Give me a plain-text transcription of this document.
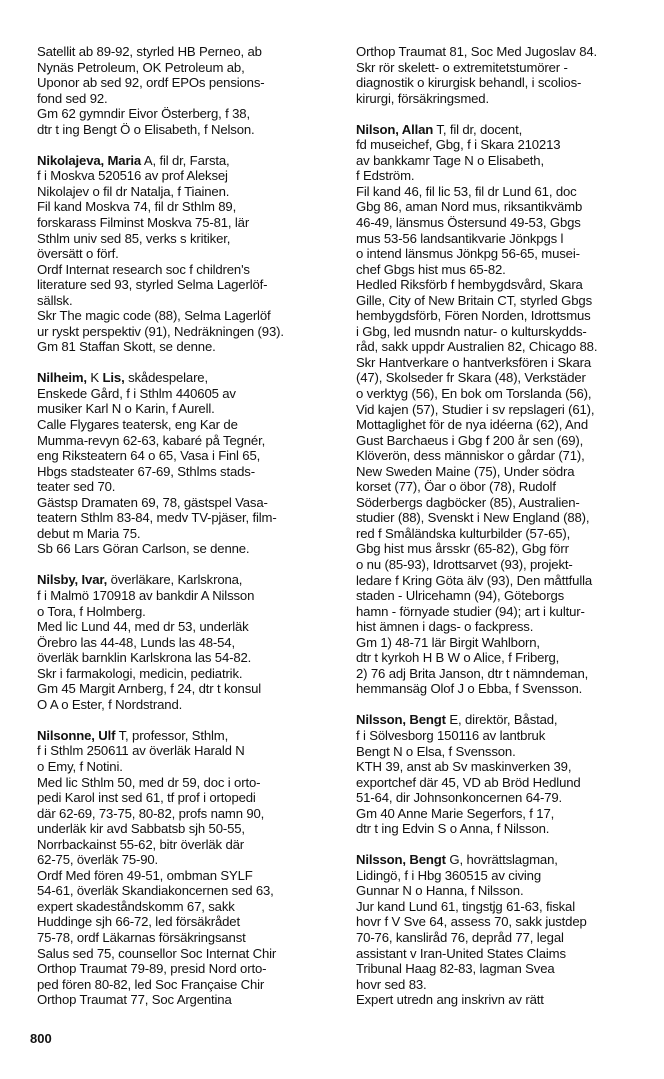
Satellit ab 89-92, styrled HB Perneo, ab
Nynäs Petroleum, OK Petroleum ab,
Uponor ab sed 92, ordf EPOs pensions-
fond sed 92.
Gm 62 gymndir Eivor Österberg, f 38,
dtr t ing Bengt Ö o Elisabeth, f Nelson.
Nikolajeva, Maria A, fil dr, Farsta,
f i Moskva 520516 av prof Aleksej
Nikolajev o fil dr Natalja, f Tiainen.
Fil kand Moskva 74, fil dr Sthlm 89,
forskarass Filminst Moskva 75-81, lär
Sthlm univ sed 85, verks s kritiker,
översätt o förf.
Ordf Internat research soc f children's
literature sed 93, styrled Selma Lagerlöf-
sällsk.
Skr The magic code (88), Selma Lagerlöf
ur ryskt perspektiv (91), Nedräkningen (93).
Gm 81 Staffan Skott, se denne.
Nilheim, K Lis, skådespelare,
Enskede Gård, f i Sthlm 440605 av
musiker Karl N o Karin, f Aurell.
Calle Flygares teatersk, eng Kar de
Mumma-revyn 62-63, kabaré på Tegnér,
eng Riksteatern 64 o 65, Vasa i Finl 65,
Hbgs stadsteater 67-69, Sthlms stads-
teater sed 70.
Gästsp Dramaten 69, 78, gästspel Vasa-
teatern Sthlm 83-84, medv TV-pjäser, film-
debut m Maria 75.
Sb 66 Lars Göran Carlson, se denne.
Nilsby, Ivar, överläkare, Karlskrona,
f i Malmö 170918 av bankdir A Nilsson
o Tora, f Holmberg.
Med lic Lund 44, med dr 53, underläk
Örebro las 44-48, Lunds las 48-54,
överläk barnklin Karlskrona las 54-82.
Skr i farmakologi, medicin, pediatrik.
Gm 45 Margit Arnberg, f 24, dtr t konsul
O A o Ester, f Nordstrand.
Nilsonne, Ulf T, professor, Sthlm,
f i Sthlm 250611 av överläk Harald N
o Emy, f Notini.
Med lic Sthlm 50, med dr 59, doc i orto-
pedi Karol inst sed 61, tf prof i ortopedi
där 62-69, 73-75, 80-82, profs namn 90,
underläk kir avd Sabbatsb sjh 50-55,
Norrbackainst 55-62, bitr överläk där
62-75, överläk 75-90.
Ordf Med fören 49-51, ombman SYLF
54-61, överläk Skandiakoncernen sed 63,
expert skadeståndskomm 67, sakk
Huddinge sjh 66-72, led försäkrådet
75-78, ordf Läkarnas försäkringsanst
Salus sed 75, counsellor Soc Internat Chir
Orthop Traumat 79-89, presid Nord orto-
ped fören 80-82, led Soc Française Chir
Orthop Traumat 77, Soc Argentina
Orthop Traumat 81, Soc Med Jugoslav 84.
Skr rör skelett- o extremitetstumörer -
diagnostik o kirurgisk behandl, i scolios-
kirurgi, försäkringsmed.
Nilson, Allan T, fil dr, docent,
fd museichef, Gbg, f i Skara 210213
av bankkamr Tage N o Elisabeth,
f Edström.
Fil kand 46, fil lic 53, fil dr Lund 61, doc
Gbg 86, aman Nord mus, riksantikvämb
46-49, länsmus Östersund 49-53, Gbgs
mus 53-56 landsantikvarie Jönkpgs l
o intend länsmus Jönkpg 56-65, musei-
chef Gbgs hist mus 65-82.
Hedled Riksförb f hembygdsvård, Skara
Gille, City of New Britain CT, styrled Gbgs
hembygdsförb, Fören Norden, Idrottsmus
i Gbg, led musndn natur- o kulturskydds-
råd, sakk uppdr Australien 82, Chicago 88.
Skr Hantverkare o hantverksfören i Skara
(47), Skolseder fr Skara (48), Verkstäder
o verktyg (56), En bok om Torslanda (56),
Vid kajen (57), Studier i sv repslageri (61),
Mottaglighet för de nya idéerna (62), And
Gust Barchaeus i Gbg f 200 år sen (69),
Klöverön, dess människor o gårdar (71),
New Sweden Maine (75), Under södra
korset (77), Öar o öbor (78), Rudolf
Söderbergs dagböcker (85), Australien-
studier (88), Svenskt i New England (88),
red f Småländska kulturbilder (57-65),
Gbg hist mus årsskr (65-82), Gbg förr
o nu (85-93), Idrottsarvet (93), projekt-
ledare f Kring Göta älv (93), Den måttfulla
staden - Ulricehamn (94), Göteborgs
hamn - förnyade studier (94); art i kultur-
hist ämnen i dags- o fackpress.
Gm 1) 48-71 lär Birgit Wahlborn,
dtr t kyrkoh H B W o Alice, f Friberg,
2) 76 adj Brita Janson, dtr t nämndeman,
hemmansäg Olof J o Ebba, f Svensson.
Nilsson, Bengt E, direktör, Båstad,
f i Sölvesborg 150116 av lantbruk
Bengt N o Elsa, f Svensson.
KTH 39, anst ab Sv maskinverken 39,
exportchef där 45, VD ab Bröd Hedlund
51-64, dir Johnsonkoncernen 64-79.
Gm 40 Anne Marie Segerfors, f 17,
dtr t ing Edvin S o Anna, f Nilsson.
Nilsson, Bengt G, hovrättslagman,
Lidingö, f i Hbg 360515 av civing
Gunnar N o Hanna, f Nilsson.
Jur kand Lund 61, tingstjg 61-63, fiskal
hovr f V Sve 64, assess 70, sakk justdep
70-76, kansliråd 76, depråd 77, legal
assistant v Iran-United States Claims
Tribunal Haag 82-83, lagman Svea
hovr sed 83.
Expert utredn ang inskrivn av rätt
800
